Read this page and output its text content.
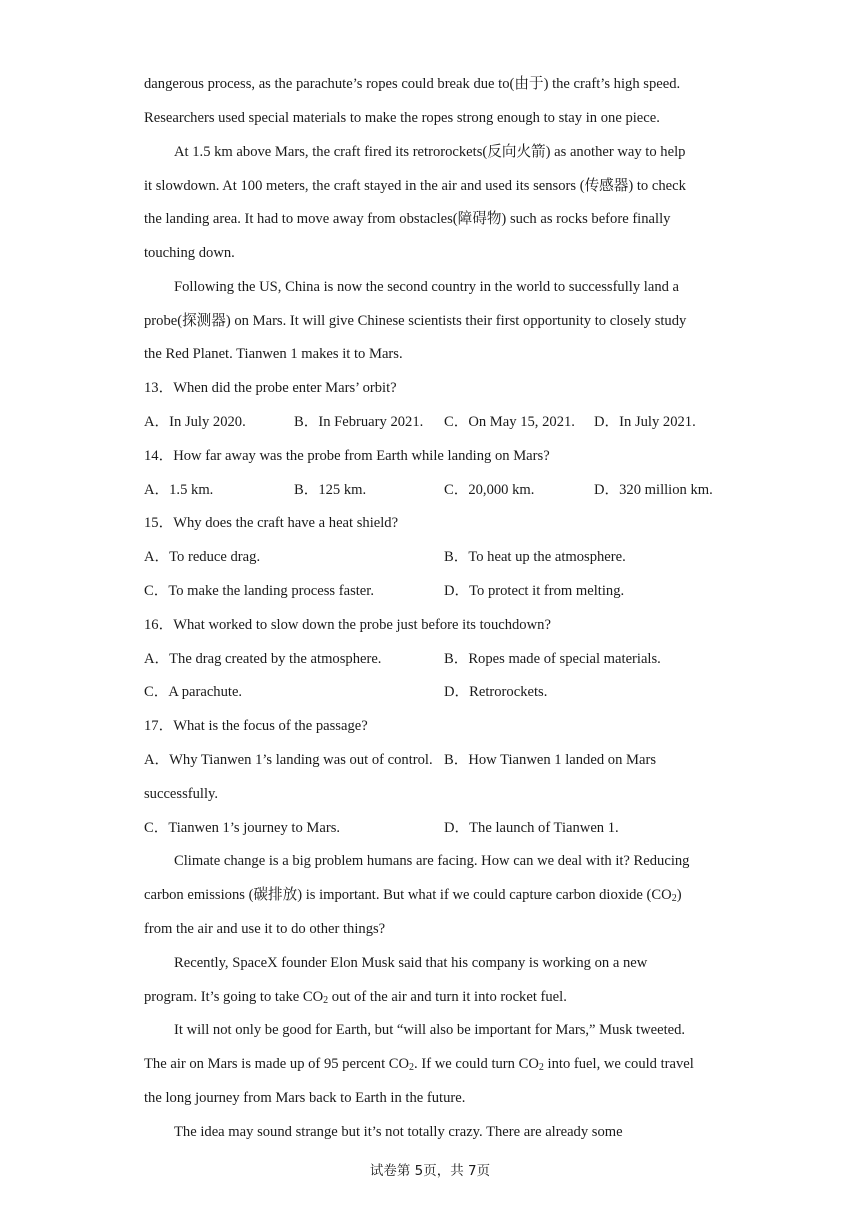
dangerous process, as the parachute’s ropes could break due to(由于) the craft’s high speed.
Researchers used special materials to make the ropes strong enough to stay in one piece.
At 1.5 km above Mars, the craft fired its retrorockets(反向火箭) as another way to help
it slowdown. At 100 meters, the craft stayed in the air and used its sensors (传感器) to check
the landing area. It had to move away from obstacles(障碍物) such as rocks before finally
touching down.
Following the US, China is now the second country in the world to successfully land a
probe(探测器) on Mars. It will give Chinese scientists their first opportunity to closely study
the Red Planet. Tianwen 1 makes it to Mars.
13．When did the probe enter Mars’ orbit?
A．In July 2020.	B．In February 2021. C．On May 15, 2021. D．In July 2021.
14．How far away was the probe from Earth while landing on Mars?
A．1.5 km.	B．125 km.	C．20,000 km.	D．320 million km.
15．Why does the craft have a heat shield?
A．To reduce drag.	B．To heat up the atmosphere.
C．To make the landing process faster.	D．To protect it from melting.
16．What worked to slow down the probe just before its touchdown?
A．The drag created by the atmosphere.	B．Ropes made of special materials.
C．A parachute.	D．Retrorockets.
17．What is the focus of the passage?
A．Why Tianwen 1’s landing was out of control. B．How Tianwen 1 landed on Mars
successfully.
C．Tianwen 1’s journey to Mars.	D．The launch of Tianwen 1.
Climate change is a big problem humans are facing. How can we deal with it? Reducing
carbon emissions (碳排放) is important. But what if we could capture carbon dioxide $(CO_2)$
from the air and use it to do other things?
Recently, SpaceX founder Elon Musk said that his company is working on a new
program. It’s going to take $CO_2$ out of the air and turn it into rocket fuel.
It will not only be good for Earth, but “will also be important for Mars,” Musk tweeted.
The air on Mars is made up of 95 percent $CO_2$. If we could turn $CO_2$ into fuel, we could travel
the long journey from Mars back to Earth in the future.
The idea may sound strange but it’s not totally crazy. There are already some
试卷第 5页，共 7页
